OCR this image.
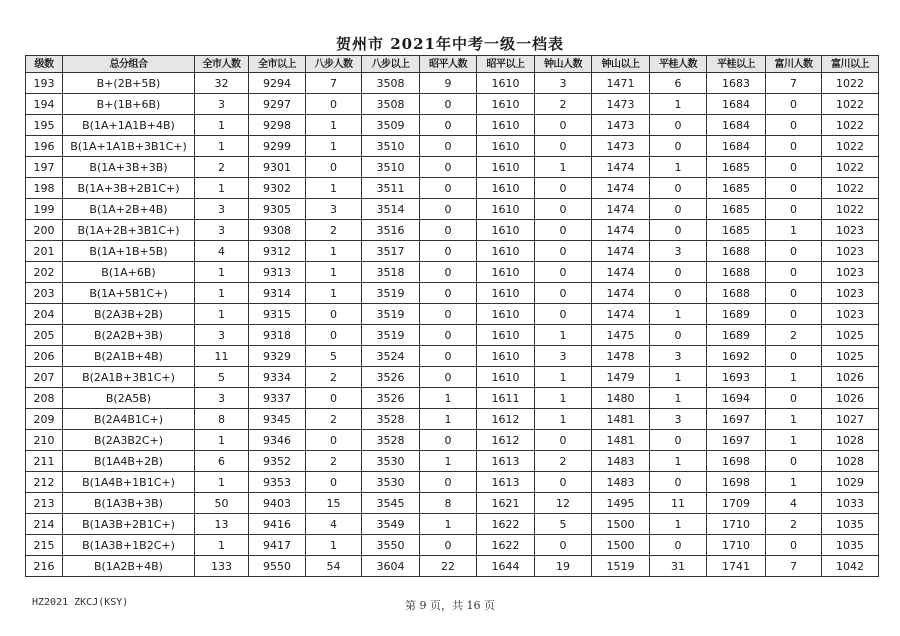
贺州市 2021年中考一级一档表
级数	总分组合	全市人数	全市以上	八步人数	八步以上	昭平人数	昭平以上	钟山人数	钟山以上	平桂人数	平桂以上	富川人数	富川以上
193	B+(2B+5B)	32	9294	7	3508	9	1610	3	1471	6	1683	7	1022
194	B+(1B+6B)	3	9297	0	3508	0	1610	2	1473	1	1684	0	1022
195	B(1A+1A1B+4B)	1	9298	1	3509	0	1610	0	1473	0	1684	0	1022
196	B(1A+1A1B+3B1C+)	1	9299	1	3510	0	1610	0	1473	0	1684	0	1022
197	B(1A+3B+3B)	2	9301	0	3510	0	1610	1	1474	1	1685	0	1022
198	B(1A+3B+2B1C+)	1	9302	1	3511	0	1610	0	1474	0	1685	0	1022
199	B(1A+2B+4B)	3	9305	3	3514	0	1610	0	1474	0	1685	0	1022
200	B(1A+2B+3B1C+)	3	9308	2	3516	0	1610	0	1474	0	1685	1	1023
201	B(1A+1B+5B)	4	9312	1	3517	0	1610	0	1474	3	1688	0	1023
202	B(1A+6B)	1	9313	1	3518	0	1610	0	1474	0	1688	0	1023
203	B(1A+5B1C+)	1	9314	1	3519	0	1610	0	1474	0	1688	0	1023
204	B(2A3B+2B)	1	9315	0	3519	0	1610	0	1474	1	1689	0	1023
205	B(2A2B+3B)	3	9318	0	3519	0	1610	1	1475	0	1689	2	1025
206	B(2A1B+4B)	11	9329	5	3524	0	1610	3	1478	3	1692	0	1025
207	B(2A1B+3B1C+)	5	9334	2	3526	0	1610	1	1479	1	1693	1	1026
208	B(2A5B)	3	9337	0	3526	1	1611	1	1480	1	1694	0	1026
209	B(2A4B1C+)	8	9345	2	3528	1	1612	1	1481	3	1697	1	1027
210	B(2A3B2C+)	1	9346	0	3528	0	1612	0	1481	0	1697	1	1028
211	B(1A4B+2B)	6	9352	2	3530	1	1613	2	1483	1	1698	0	1028
212	B(1A4B+1B1C+)	1	9353	0	3530	0	1613	0	1483	0	1698	1	1029
213	B(1A3B+3B)	50	9403	15	3545	8	1621	12	1495	11	1709	4	1033
214	B(1A3B+2B1C+)	13	9416	4	3549	1	1622	5	1500	1	1710	2	1035
215	B(1A3B+1B2C+)	1	9417	1	3550	0	1622	0	1500	0	1710	0	1035
216	B(1A2B+4B)	133	9550	54	3604	22	1644	19	1519	31	1741	7	1042
HZ2021 ZKCJ(KSY)	第 9 页，共 16 页
